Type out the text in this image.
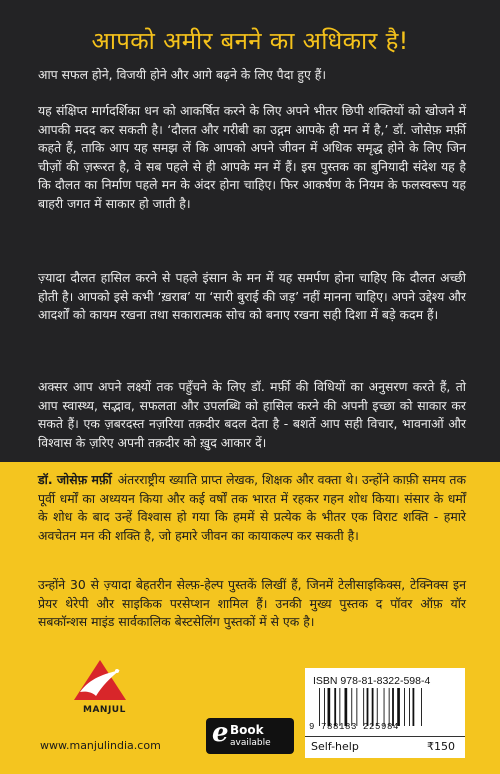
आपको अमीर बनने का अधिकार है!

आप सफल होने, विजयी होने और आगे बढ़ने के लिए पैदा हुए हैं।

यह संक्षिप्त मार्गदर्शिका धन को आकर्षित करने के लिए अपने भीतर छिपी शक्तियों को खोजने में आपकी मदद कर सकती है। ‘दौलत और गरीबी का उद्गम आपके ही मन में है,’ डॉ. जोसेफ़ मर्फ़ी कहते हैं, ताकि आप यह समझ लें कि आपको अपने जीवन में अधिक समृद्ध होने के लिए जिन चीज़ों की ज़रूरत है, वे सब पहले से ही आपके मन में हैं। इस पुस्तक का बुनियादी संदेश यह है कि दौलत का निर्माण पहले मन के अंदर होना चाहिए। फिर आकर्षण के नियम के फलस्वरूप यह बाहरी जगत में साकार हो जाती है।

ज़्यादा दौलत हासिल करने से पहले इंसान के मन में यह समर्पण होना चाहिए कि दौलत अच्छी होती है। आपको इसे कभी ‘ख़राब’ या ‘सारी बुराई की जड़’ नहीं मानना चाहिए। अपने उद्देश्य और आदर्शों को कायम रखना तथा सकारात्मक सोच को बनाए रखना सही दिशा में बड़े कदम हैं।

अक्सर आप अपने लक्ष्यों तक पहुँचने के लिए डॉ. मर्फ़ी की विधियों का अनुसरण करते हैं, तो आप स्वास्थ्य, सद्भाव, सफलता और उपलब्धि को हासिल करने की अपनी इच्छा को साकार कर सकते हैं। एक ज़बरदस्त नज़रिया तक़दीर बदल देता है - बशर्ते आप सही विचार, भावनाओं और विश्वास के ज़रिए अपनी तक़दीर को ख़ुद आकार दें।

डॉ. जोसेफ़ मर्फ़ी अंतरराष्ट्रीय ख्याति प्राप्त लेखक, शिक्षक और वक्ता थे। उन्होंने काफ़ी समय तक पूर्वी धर्मों का अध्ययन किया और कई वर्षों तक भारत में रहकर गहन शोध किया। संसार के धर्मों के शोध के बाद उन्हें विश्वास हो गया कि हममें से प्रत्येक के भीतर एक विराट शक्ति - हमारे अवचेतन मन की शक्ति है, जो हमारे जीवन का कायाकल्प कर सकती है।

उन्होंने 30 से ज़्यादा बेहतरीन सेल्फ़-हेल्प पुस्तकें लिखीं हैं, जिनमें टेलीसाइकिक्स, टेक्निक्स इन प्रेयर थेरेपी और साइकिक परसेप्शन शामिल हैं। उनकी मुख्य पुस्तक द पॉवर ऑफ़ यॉर सबकॉन्शस माइंड सार्वकालिक बेस्टसेलिंग पुस्तकों में से एक है।

MANJUL
www.manjulindia.com e Book
available
ISBN 978-81-8322-598-4
9 788183 225984
Self-help	₹150
